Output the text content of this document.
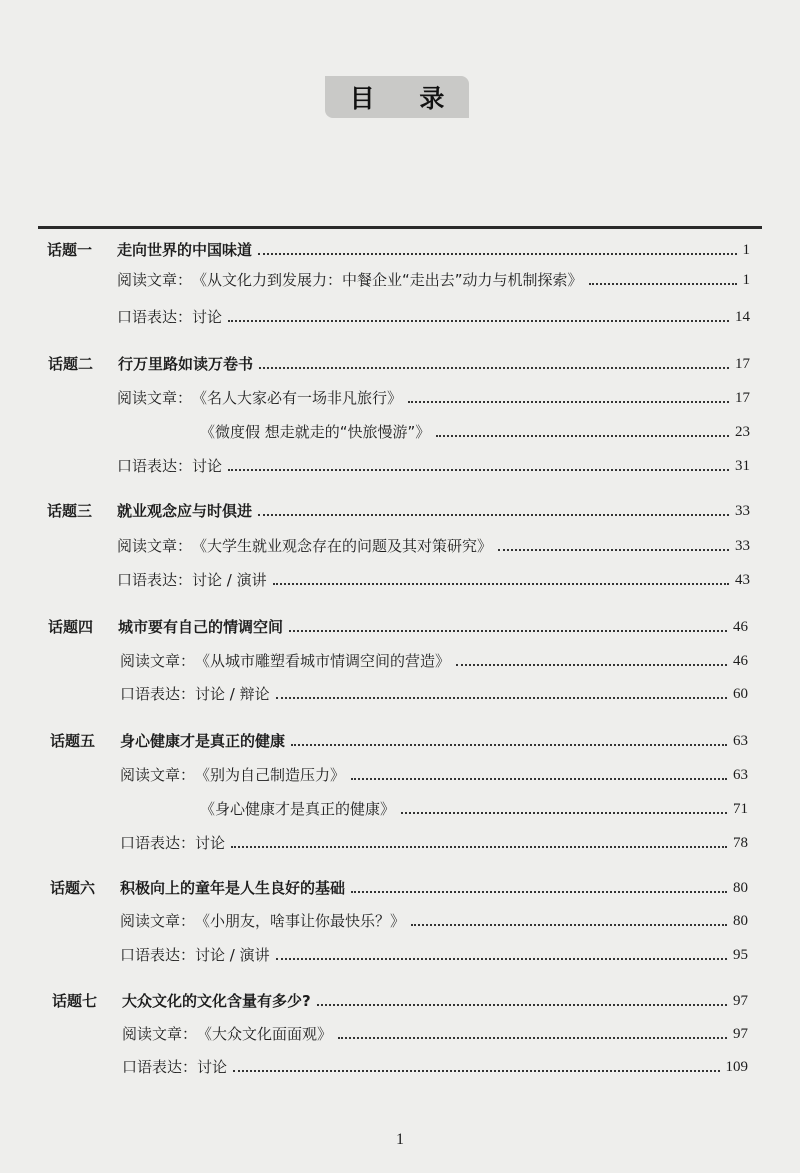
目 录
话题一	走向世界的中国味道	1
阅读文章： 《从文化力到发展力：中餐企业“走出去”动力与机制探索》	1
口语表达： 讨论	14
话题二	行万里路如读万卷书	17
阅读文章： 《名人大家必有一场非凡旅行》	17
《微度假 想走就走的“快旅慢游”》	23
口语表达： 讨论	31
话题三	就业观念应与时俱进	33
阅读文章： 《大学生就业观念存在的问题及其对策研究》	33
口语表达： 讨论 / 演讲	43
话题四	城市要有自己的情调空间	46
阅读文章： 《从城市雕塑看城市情调空间的营造》	46
口语表达： 讨论 / 辩论	60
话题五	身心健康才是真正的健康	63
阅读文章： 《别为自己制造压力》	63
《身心健康才是真正的健康》	71
口语表达： 讨论	78
话题六	积极向上的童年是人生良好的基础	80
阅读文章： 《小朋友，啥事让你最快乐？》	80
口语表达： 讨论 / 演讲	95
话题七	大众文化的文化含量有多少?	97
阅读文章： 《大众文化面面观》	97
口语表达： 讨论	109
1
